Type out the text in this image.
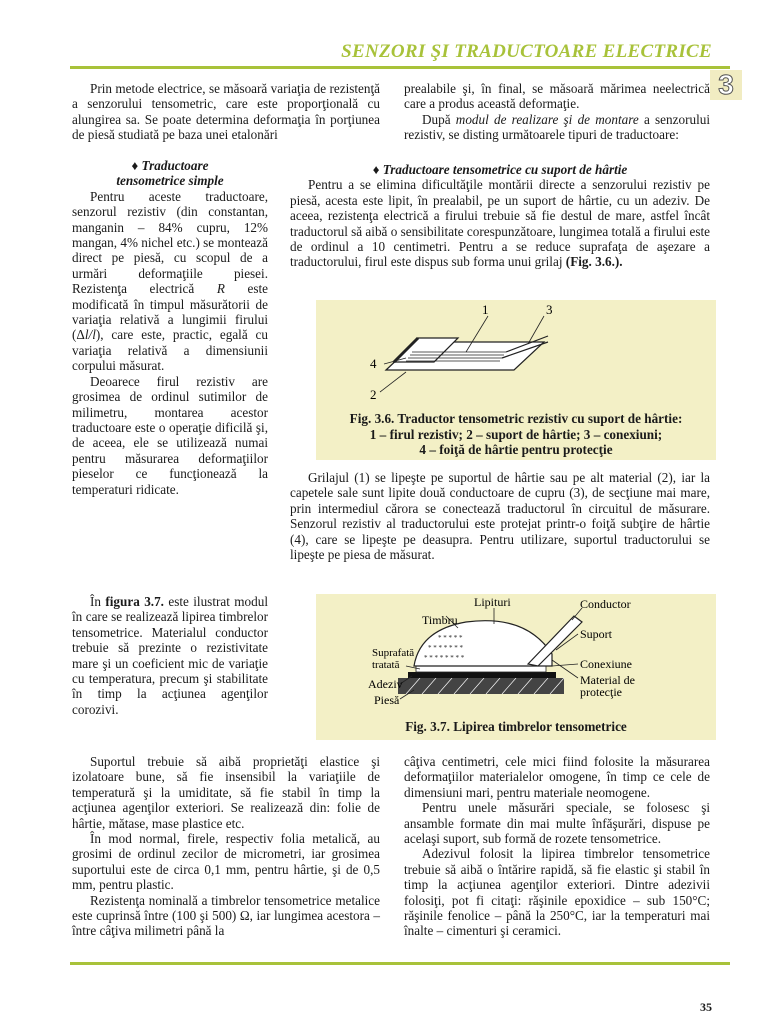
SENZORI ŞI TRADUCTOARE ELECTRICE
3

Prin metode electrice, se măsoară variaţia de rezistenţă a senzorului tensometric, care este proporţională cu alungirea sa. Se poate determina deformaţia în porţiunea de piesă studiată pe baza unei etalonări

prealabile şi, în final, se măsoară mărimea neelectrică care a produs această deformaţie.

După modul de realizare şi de montare a senzorului rezistiv, se disting următoarele tipuri de traductoare:

♦ Traductoare
tensometrice simple

Pentru aceste traductoare, senzorul rezistiv (din constantan, manganin – 84% cupru, 12% mangan, 4% nichel etc.) se montează direct pe piesă, cu scopul de a urmări deformaţiile piesei. Rezistenţa electrică R este modificată în timpul măsurătorii de variaţia relativă a lungimii firului (Δl/l), care este, practic, egală cu variaţia relativă a dimensiunii corpului măsurat.

Deoarece firul rezistiv are grosimea de ordinul sutimilor de milimetru, montarea acestor traductoare este o operaţie dificilă şi, de aceea, ele se utilizează numai pentru măsurarea deformaţiilor pieselor ce funcţionează la temperaturi ridicate.

♦ Traductoare tensometrice cu suport de hârtie

Pentru a se elimina dificultăţile montării directe a senzorului rezistiv pe piesă, acesta este lipit, în prealabil, pe un suport de hârtie, cu un adeziv. De aceea, rezistenţa electrică a firului trebuie să fie destul de mare, astfel încât traductorul să aibă o sensibilitate corespunzătoare, lungimea totală a firului este de ordinul a 10 centimetri. Pentru a se reduce suprafaţa de aşezare a traductorului, firul este dispus sub forma unui grilaj (Fig. 3.6.).

1	3
4
2
Fig. 3.6. Traductor tensometric rezistiv cu suport de hârtie:
1 – firul rezistiv; 2 – suport de hârtie; 3 – conexiuni;
4 – foiţă de hârtie pentru protecţie

Grilajul (1) se lipeşte pe suportul de hârtie sau pe alt material (2), iar la capetele sale sunt lipite două conductoare de cupru (3), de secţiune mai mare, prin intermediul cărora se conectează traductorul în circuitul de măsurare. Senzorul rezistiv al traductorului este protejat printr-o foiţă subţire de hârtie (4), care se lipeşte pe deasupra. Pentru utilizare, suportul traductorului se lipeşte pe piesa de măsurat.

În figura 3.7. este ilustrat modul în care se realizează lipirea timbrelor tensometrice. Materialul conductor trebuie să prezinte o rezistivitate mare şi un coeficient mic de variaţie cu temperatura, precum şi stabilitate în timp la acţiunea agenţilor corozivi.

* * * * *
* * * * * * *
* * * * * * * *
Timbru
Lipituri	Conductor
Suport
Suprafată
tratată	Conexiune
Adeziv	Material de
protecţie
Piesă
Fig. 3.7. Lipirea timbrelor tensometrice

Suportul trebuie să aibă proprietăţi elastice şi izolatoare bune, să fie insensibil la variaţiile de temperatură şi la umiditate, să fie stabil în timp la acţiunea agenţilor exteriori. Se realizează din: folie de hârtie, mătase, mase plastice etc.

În mod normal, firele, respectiv folia metalică, au grosimi de ordinul zecilor de micrometri, iar grosimea suportului este de circa 0,1 mm, pentru hârtie, şi de 0,5 mm, pentru plastic.

Rezistenţa nominală a timbrelor tensometrice metalice este cuprinsă între (100 şi 500) Ω, iar lungimea acestora – între câţiva milimetri până la

câţiva centimetri, cele mici fiind folosite la măsurarea deformaţiilor materialelor omogene, în timp ce cele de dimensiuni mari, pentru materiale neomogene.

Pentru unele măsurări speciale, se folosesc şi ansamble formate din mai multe înfăşurări, dispuse pe acelaşi suport, sub formă de rozete tensometrice.

Adezivul folosit la lipirea timbrelor tensometrice trebuie să aibă o întărire rapidă, să fie elastic şi stabil în timp la acţiunea agenţilor exteriori. Dintre adezivii folosiţi, pot fi citaţi: răşinile epoxidice – sub 150°C; răşinile fenolice – până la 250°C, iar la temperaturi mai înalte – cimenturi şi ceramici.

35
